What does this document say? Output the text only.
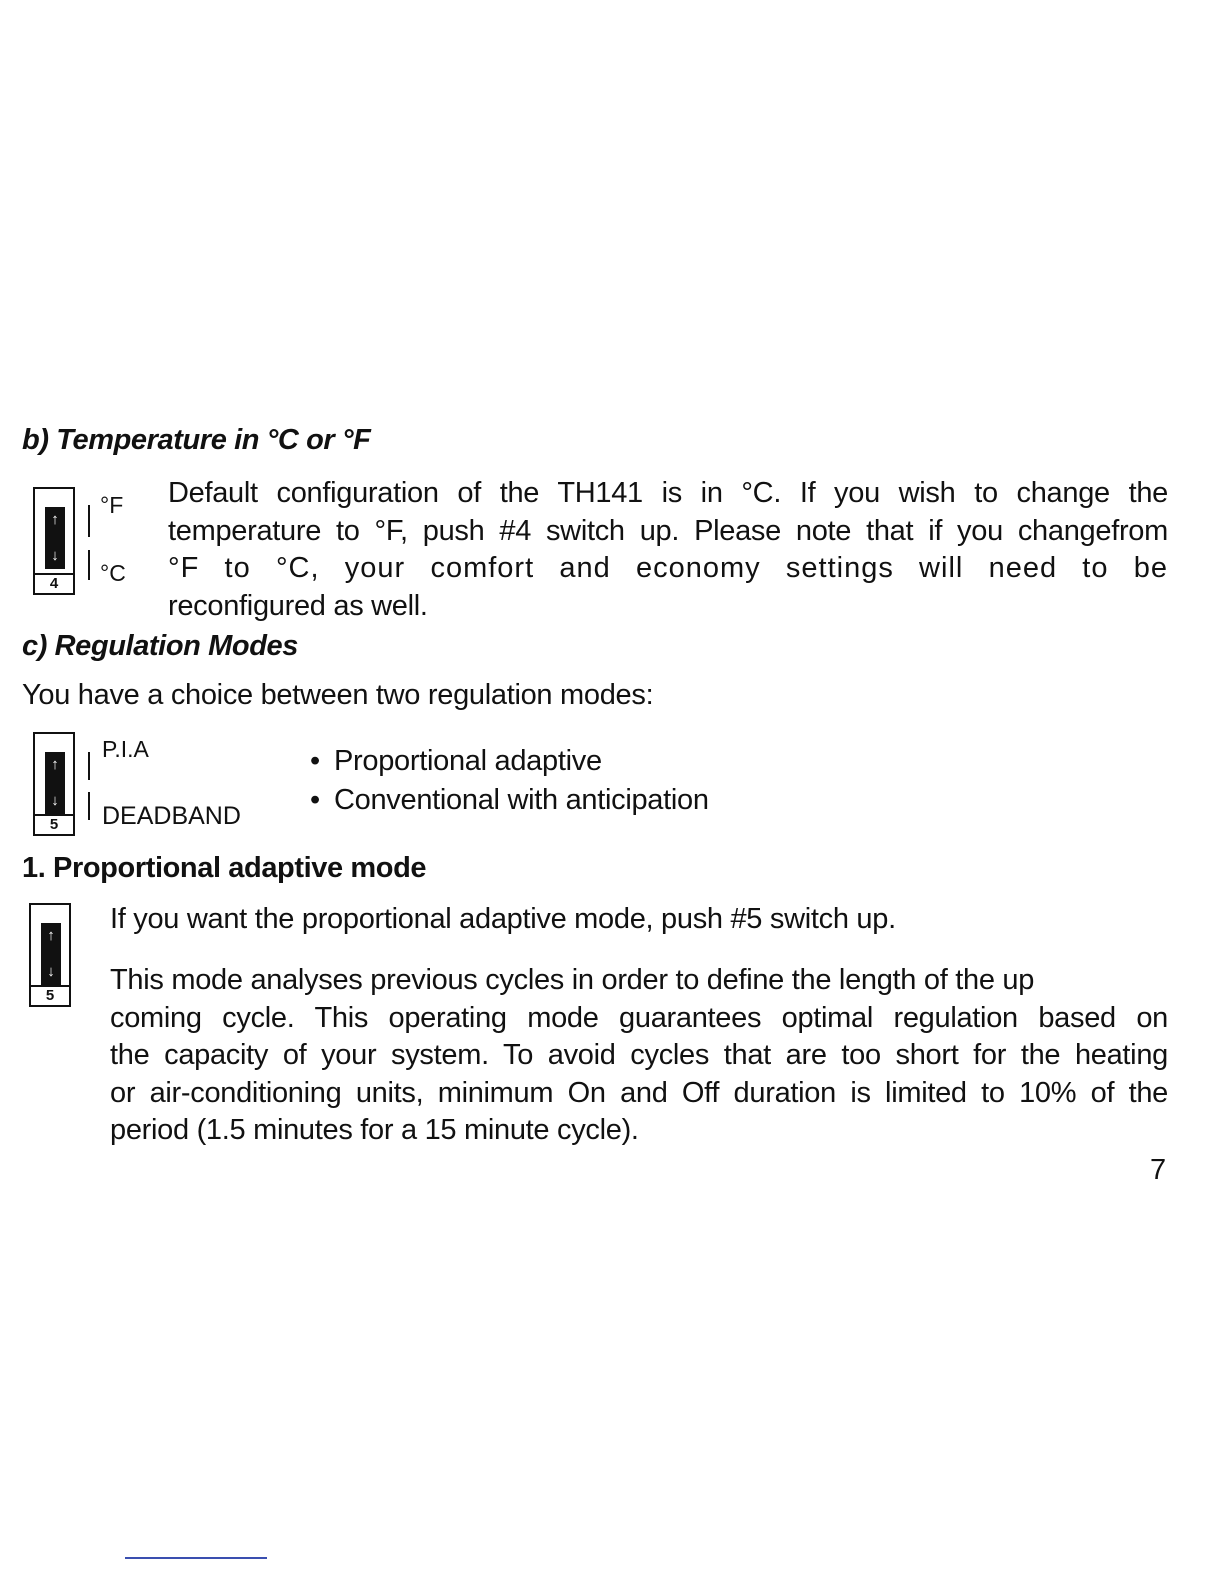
b) Temperature in °C or °F
↑
↓
4
°F
°C
Default configuration of the TH141 is in °C. If you wish to change the
temperature to °F, push #4 switch up. Please note that if you changefrom
°F to °C, your comfort and economy settings will need to be
reconfigured as well.
c) Regulation Modes
You have a choice between two regulation modes:
↑
↓
5
P.I.A
DEADBAND
• Proportional adaptive
• Conventional with anticipation
1. Proportional adaptive mode
↑
↓
5
If you want the proportional adaptive mode, push #5 switch up.
This mode analyses previous cycles in order to define the length of the up
coming cycle. This operating mode guarantees optimal regulation based on
the capacity of your system. To avoid cycles that are too short for the heating
or air-conditioning units, minimum On and Off duration is limited to 10% of the
period (1.5 minutes for a 15 minute cycle).
7
